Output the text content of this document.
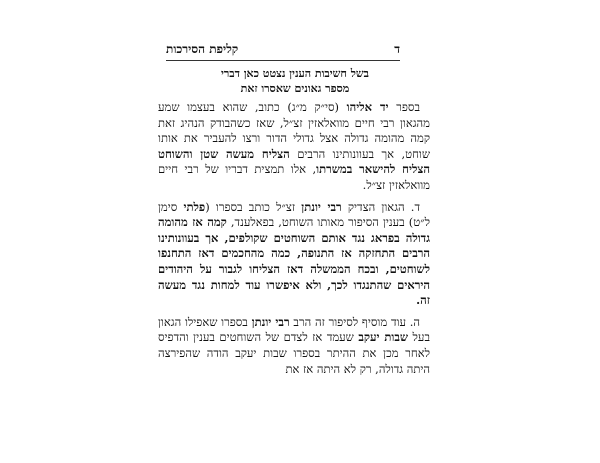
ד
קליפת הסירכות
בשל חשיבות הענין נצטט כאן דברי
מספר גאונים שאסרו זאת

בספר יד אליהו (סי״ק מ״ג) כתוב, שהוא בעצמו שמע מהגאון רבי חיים מוואלאזין זצ״ל, שאז כשהבודק הנהיג זאת קמה מהומה גדולה אצל גדולי הדור ורצו להעביר את אותו שוחט, אך בעוונותינו הרבים הצליח מעשה שטן והשוחט הצליח להישאר במשרתו, אלו תמצית דבריו של רבי חיים מוואלאזין זצ״ל.

ד. הגאון הצדיק רבי יונתן זצ״ל כותב בספרו (פלתי סימן ל״ט) בענין הסיפור מאותו השוחט, בפאלענד, קמה אז מהומה גדולה בפראג נגד אותם השוחטים שקולפים, אך בעוונותינו הרבים התחזקה אז התנופה, כמה מהחכמים דאז התחנפו לשוחטים, ובכח הממשלה דאז הצליחו לגבור על היהודים היראים שהתנגדו לכך, ולא איפשרו עוד למחות נגד מעשה זה.

ה. עוד מוסיף לסיפור זה הרב רבי יונתן בספרו שאפילו הגאון בעל שבות יעקב שעמד אז לצדם של השוחטים בענין והדפיס לאחר מכן את ההיתר בספרו שבות יעקב הודה שהפירצה היתה גדולה, רק לא היתה אז את
